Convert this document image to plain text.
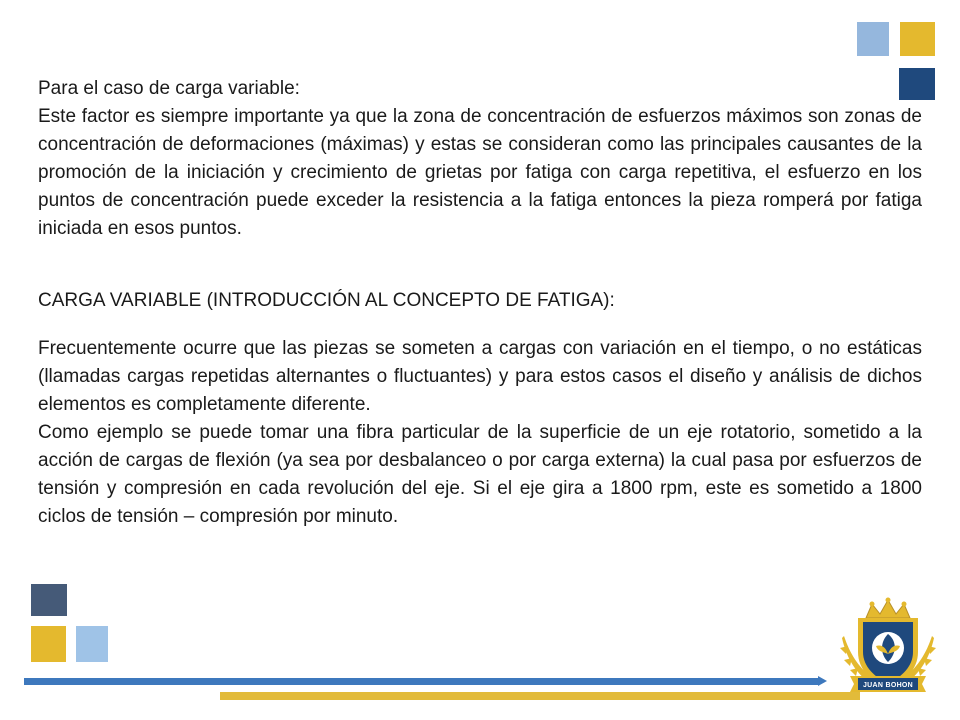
Para el caso de carga variable:

Este factor es siempre importante ya que la zona de concentración de esfuerzos máximos son zonas de concentración de deformaciones (máximas) y estas se consideran como las principales causantes de la promoción de la iniciación y crecimiento de grietas por fatiga con carga repetitiva, el esfuerzo en los puntos de concentración puede exceder la resistencia a la fatiga entonces la pieza romperá por fatiga iniciada en esos puntos.

CARGA VARIABLE (INTRODUCCIÓN AL CONCEPTO DE FATIGA):

Frecuentemente ocurre que las piezas se someten a cargas con variación en el tiempo, o no estáticas (llamadas cargas repetidas alternantes o fluctuantes) y para estos casos el diseño y análisis de dichos elementos es completamente diferente.

Como ejemplo se puede tomar una fibra particular de la superficie de un eje rotatorio, sometido a la acción de cargas de flexión (ya sea por desbalanceo o por carga externa) la cual pasa por esfuerzos de tensión y compresión en cada revolución del eje. Si el eje gira a 1800 rpm, este es sometido a 1800 ciclos de tensión – compresión por minuto.

JUAN BOHON
